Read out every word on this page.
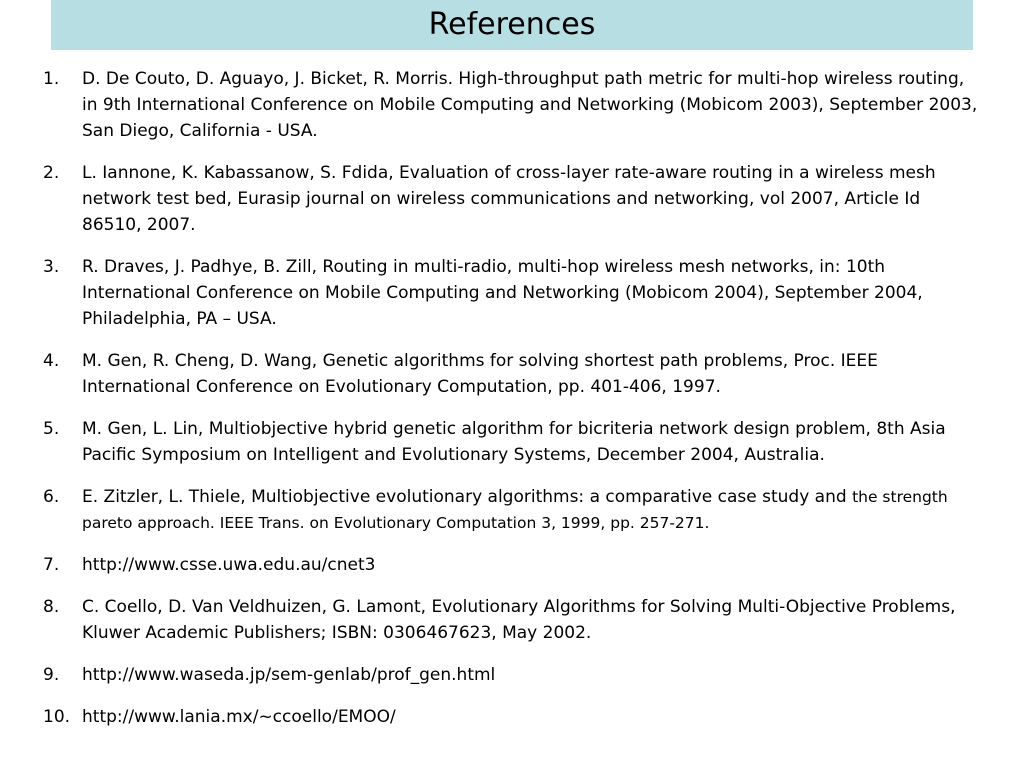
References
1. D. De Couto, D. Aguayo, J. Bicket, R. Morris. High-throughput path metric for multi-hop wireless routing, in 9th International Conference on Mobile Computing and Networking (Mobicom 2003), September 2003, San Diego, California - USA.
2. L. Iannone, K. Kabassanow, S. Fdida, Evaluation of cross-layer rate-aware routing in a wireless mesh network test bed, Eurasip journal on wireless communications and networking, vol 2007, Article Id 86510, 2007.
3. R. Draves, J. Padhye, B. Zill, Routing in multi-radio, multi-hop wireless mesh networks, in: 10th International Conference on Mobile Computing and Networking (Mobicom 2004), September 2004, Philadelphia, PA – USA.
4. M. Gen, R. Cheng, D. Wang, Genetic algorithms for solving shortest path problems, Proc. IEEE International Conference on Evolutionary Computation, pp. 401-406, 1997.
5. M. Gen, L. Lin, Multiobjective hybrid genetic algorithm for bicriteria network design problem, 8th Asia Pacific Symposium on Intelligent and Evolutionary Systems, December 2004, Australia.
6. E. Zitzler, L. Thiele, Multiobjective evolutionary algorithms: a comparative case study and the strength pareto approach. IEEE Trans. on Evolutionary Computation 3, 1999, pp. 257-271.
7. http://www.csse.uwa.edu.au/cnet3
8. C. Coello, D. Van Veldhuizen, G. Lamont, Evolutionary Algorithms for Solving Multi-Objective Problems, Kluwer Academic Publishers; ISBN: 0306467623, May 2002.
9. http://www.waseda.jp/sem-genlab/prof_gen.html
10. http://www.lania.mx/~ccoello/EMOO/
